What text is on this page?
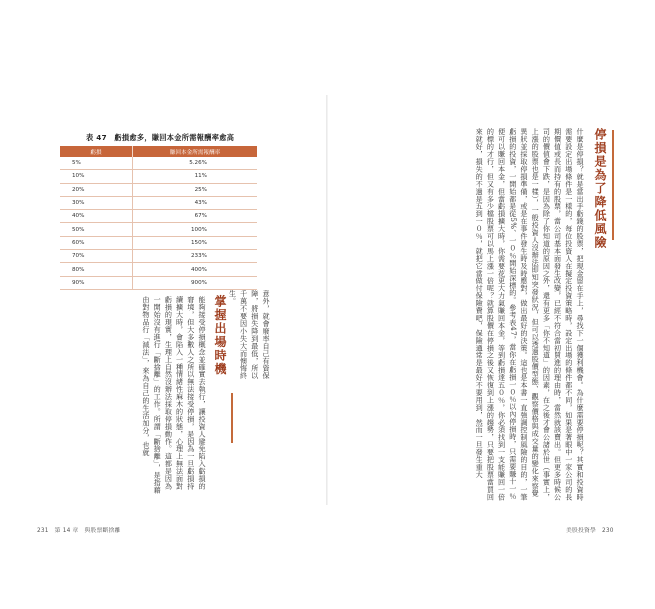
表 47　虧損愈多，賺回本金所需報酬率愈高
虧損	賺回本金所需報酬率
5%	5.26%
10%	11%
20%	25%
30%	43%
40%	67%
50%	100%
60%	150%
70%	233%
80%	400%
90%	900%
意外，就會廢率自己有資保障，將損失降到最低，所以千萬不要因小失大而懊悔終生。
掌握出場時機
能夠接受停損概念並確實去執行，讓投資人避免陷入虧損的窘境，但大多數人之所以無法接受停損，是因為一旦虧損持續擴大時，會陷入一種情緒性麻木的狀態，心理上無法面對虧損的現實，生理上自然沒辦法採取停損動作。這都是因為一開始沒有進行「斷捨離」的工作。所謂「斷捨離」，是指藉由對物品行「減法」，來為自己的生活加分，也就
231　第 14 章　與股票斷捨離
停損是為了降低風險
什麼是停損？就是當出手虧錢的股票，把現金留在手上，尋找下一個獲利機會。為什麼需要停損呢？其實和投資時需要設定出場條件是一樣的，每位投資人在擬定投資策略時，設定出場的條件都不同，如果是著眼中一家公司的長期價值或長而持有的股票，當公司基本面發生改變，已經不符合當初買進的理由時，當然就該賣出。但更多時候公司的價值會下跌，是因為除了你知道的原因之外，還有更多「你不知道」的因素，在之後才會公諸於世（事實上，上漲的股票也是一樣），一般投資人沒辦法即知突發狀況，但可以透過股價型態、觀察價格與成交量的變化來察覺異狀並採取停損準備，或是在事件發生時及時應對，做出最好的決策。這也是本書一直強調控制風險的目的，一筆虧損的投資，一開始都是從5%、一０％開始深標的。參考表47，當你在虧損一０％以內停損時，只需要賺十一％便可以賺回本金，但當虧損擴大時，你需要花更大力氣賺回本金，等到虧損達五０％，你必須找到一支能賺回一倍的標的才行，但又有多少檔股票可以馬上漲一倍呢？就算股價在停損之後又恢復到上漲的趨勢，只要把股票當買回來就好，損失的不過是五到一０％，就把它當做付保險費吧，保險通常是最好不要用到，然而一旦發生重大
美股投資學　230
